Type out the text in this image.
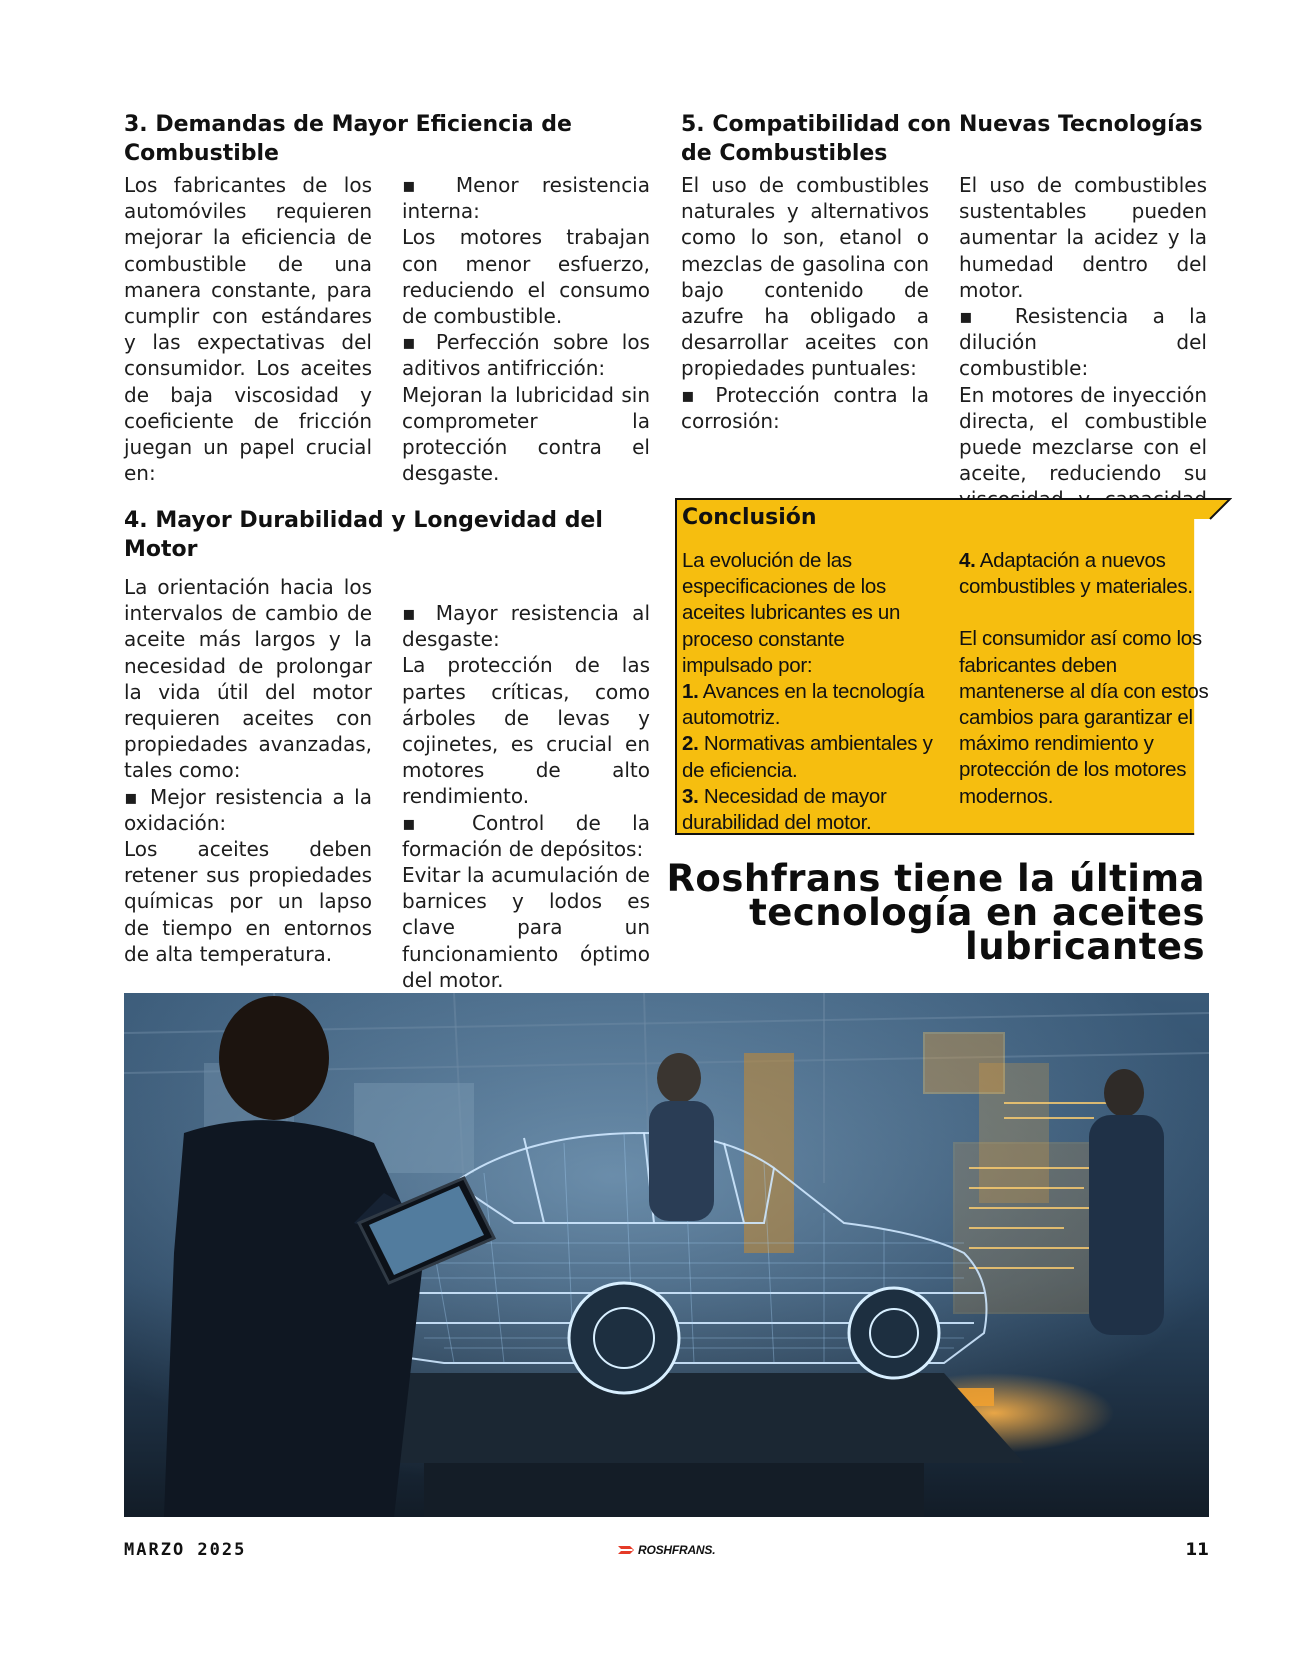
3. Demandas de Mayor Eficiencia de
Combustible

Los fabricantes de los automóviles requieren mejorar la eficiencia de combustible de una manera constante, para cumplir con estándares y las expectativas del consumidor. Los aceites de baja viscosidad y coeficiente de fricción juegan un papel crucial en:

▪ Menor resistencia interna:

Los motores trabajan con menor esfuerzo, reduciendo el consumo de combustible.

▪ Perfección sobre los aditivos antifricción:

Mejoran la lubricidad sin comprometer la protección contra el desgaste.

4. Mayor Durabilidad y Longevidad del
Motor

La orientación hacia los intervalos de cambio de aceite más largos y la necesidad de prolongar la vida útil del motor requieren aceites con propiedades avanzadas, tales como:

▪ Mejor resistencia a la oxidación:

Los aceites deben retener sus propiedades químicas por un lapso de tiempo en entornos de alta temperatura.

▪ Mayor resistencia al desgaste:

La protección de las partes críticas, como árboles de levas y cojinetes, es crucial en motores de alto rendimiento.

▪ Control de la formación de depósitos:

Evitar la acumulación de barnices y lodos es clave para un funcionamiento óptimo del motor.

5. Compatibilidad con Nuevas Tecnologías
de Combustibles

El uso de combustibles naturales y alternativos como lo son, etanol o mezclas de gasolina con bajo contenido de azufre ha obligado a desarrollar aceites con propiedades puntuales:

▪ Protección contra la corrosión:

El uso de combustibles sustentables pueden aumentar la acidez y la humedad dentro del motor.

▪ Resistencia a la dilución del combustible:

En motores de inyección directa, el combustible puede mezclarse con el aceite, reduciendo su

Conclusión

La evolución de las especificaciones de los aceites lubricantes es un proceso constante impulsado por:

1. Avances en la tecnología automotriz.

2. Normativas ambientales y de eficiencia.

3. Necesidad de mayor durabilidad del motor.

4. Adaptación a nuevos combustibles y materiales.

El consumidor así como los fabricantes deben mantenerse al día con estos cambios para garantizar el máximo rendimiento y protección de los motores modernos.

Roshfrans tiene la última
tecnología en aceites
lubricantes
MARZO 2025	ROSHFRANS.	11
